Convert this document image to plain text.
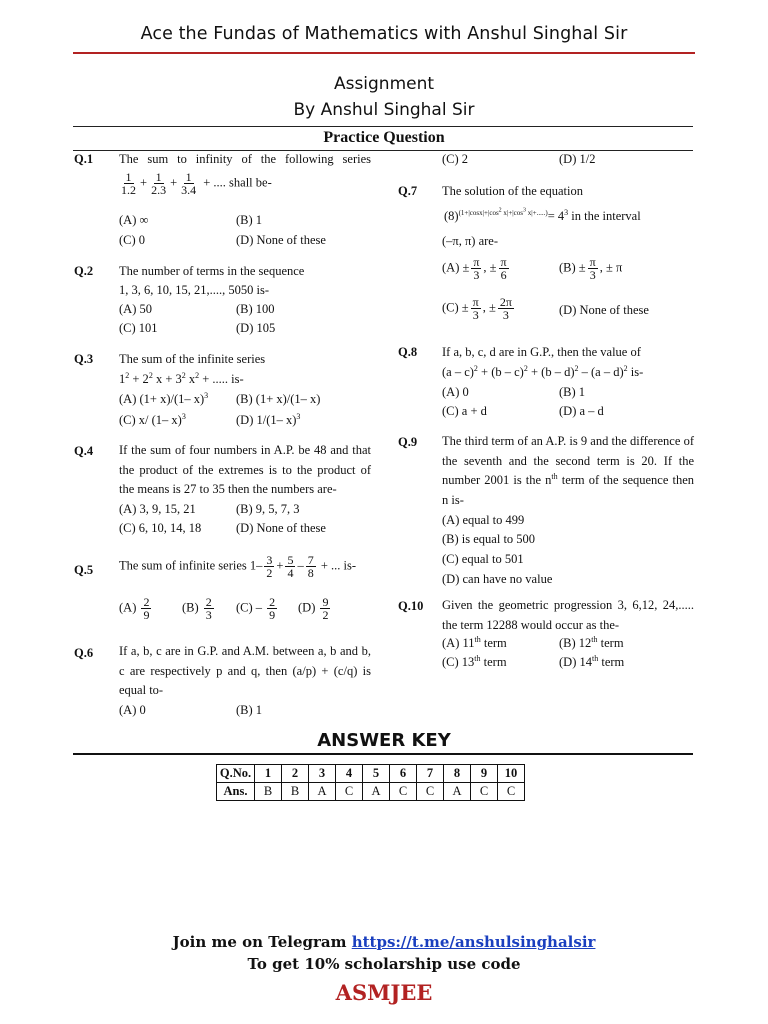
Ace the Fundas of Mathematics with Anshul Singhal Sir
Assignment
By Anshul Singhal Sir
Practice Question
Q.1 The sum to infinity of the following series
$\frac{1}{1.2} + \frac{1}{2.3} + \frac{1}{3.4}$ + .... shall be-
(A) ∞	(B) 1
(C) 0	(D) None of these
Q.2 The number of terms in the sequence
1, 3, 6, 10, 15, 21,...., 5050 is-
(A) 50	(B) 100
(C) 101	(D) 105
Q.3 The sum of the infinite series
$1^2 + 2^2$ $x + 3^2$ $x^2$ + ..... is-
(A) (1+ x)/(1– x)$^3$ (B) (1+ x)/(1– x)
(C) x/ (1– x)$^3$	(D) 1/(1– x)$^3$
Q.4 If the sum of four numbers in A.P. be 48 and that the product of the extremes is to the product of the means is 27 to 35 then the numbers are-
(A) 3, 9, 15, 21	(B) 9, 5, 7, 3
(C) 6, 10, 14, 18	(D) None of these
Q.5 The sum of infinite series $1- \frac{3}{2} + \frac{5}{4} - \frac{7}{8}$ + ... is-
$(A) \frac{2}{9} (B) \frac{2}{3} (C) - \frac{2}{9} (D) \frac{9}{2}$
Q.6 If a, b, c are in G.P. and A.M. between a, b and b, c are respectively p and q, then (a/p) + (c/q) is equal to-
(A) 0	(B) 1
(C) 2	(D) 1/2
Q.7 The solution of the equation
$(8)^{(1+|cosx|+|cos^2 x|+|cos^3 x|+.....)}= 4^3$ in the interval
(–π, π) are-
$(A) \pm \frac{\pi}{3}$ , ± $\frac{\pi}{6}$	$(B) \pm \frac{\pi}{3}$ , ± π
$(C) \pm \frac{\pi}{3}$ , ± $\frac{2\pi}{3}$	(D) None of these
Q.8 If a, b, c, d are in G.P., then the value of
(a – c)$^2$ + (b – c)$^2$ + (b – d)$^2$ – (a – d)$^2$ is-
(A) 0	(B) 1
(C) a + d	(D) a – d
Q.9 The third term of an A.P. is 9 and the difference of the seventh and the second term is 20. If the number 2001 is the $n^{th}$ term of the sequence then n is-
(A) equal to 499
(B) is equal to 500
(C) equal to 501
(D) can have no value
Q.10 Given the geometric progression 3, 6,12, 24,..... the term 12288 would occur as the-
(A) 11th term	(B) 12th term
(C) 13th term	(D) 14th term
ANSWER KEY
Q.No.	1	2	3	4	5	6	7	8	9	10
Ans.	B	B	A	C	A	C	C	A	C	C
Join me on Telegram https://t.me/anshulsinghalsir
To get 10% scholarship use code
ASMJEE
